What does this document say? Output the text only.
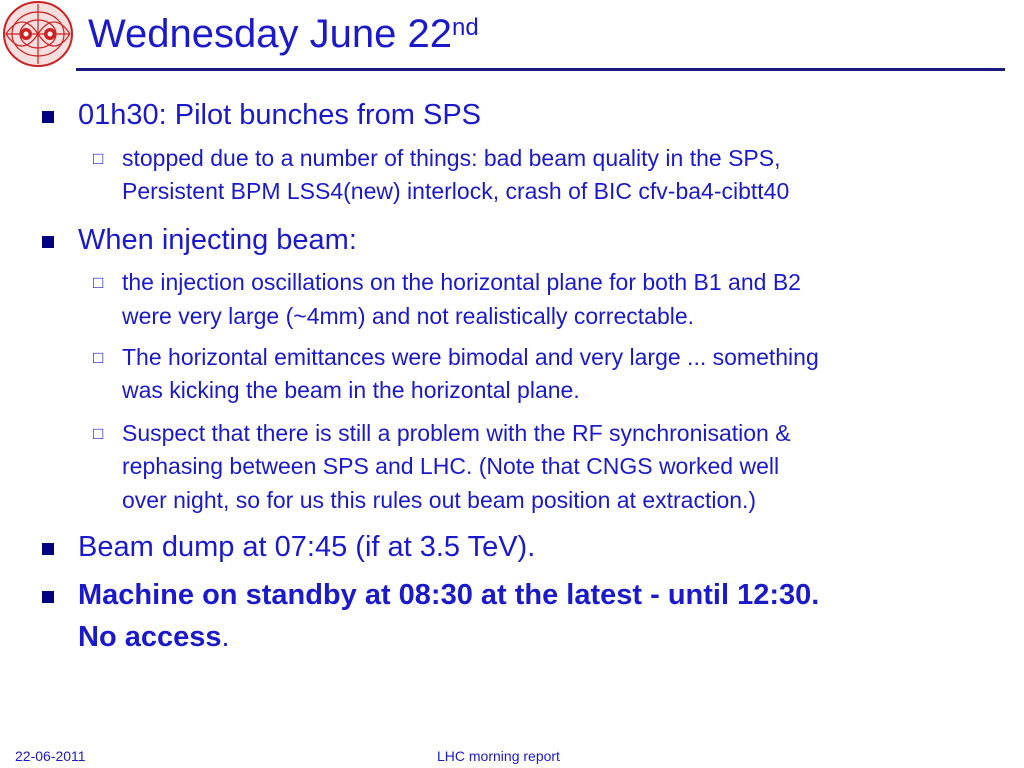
Wednesday June 22nd
01h30: Pilot bunches from SPS
□ stopped due to a number of things: bad beam quality in the SPS,
Persistent BPM LSS4(new) interlock, crash of BIC cfv-ba4-cibtt40
When injecting beam:
□ the injection oscillations on the horizontal plane for both B1 and B2
were very large (~4mm) and not realistically correctable.
□ The horizontal emittances were bimodal and very large ... something
was kicking the beam in the horizontal plane.
□ Suspect that there is still a problem with the RF synchronisation &
rephasing between SPS and LHC. (Note that CNGS worked well
over night, so for us this rules out beam position at extraction.)
Beam dump at 07:45 (if at 3.5 TeV).
Machine on standby at 08:30 at the latest - until 12:30.
No access.
22-06-2011	LHC morning report
